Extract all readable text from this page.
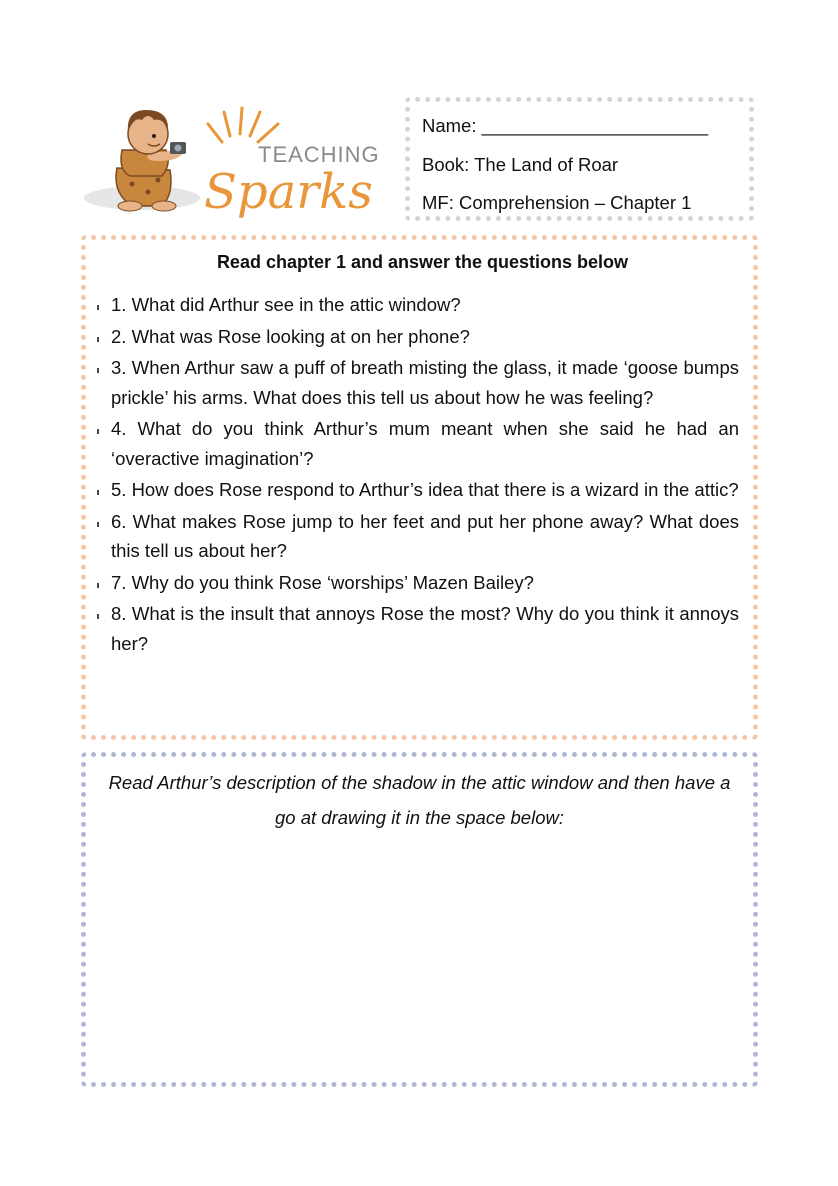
TEACHING
Sparks
Name: ______________________
Book: The Land of Roar
MF: Comprehension – Chapter 1
Read chapter 1 and answer the questions below
1. What did Arthur see in the attic window?
2. What was Rose looking at on her phone?
3. When Arthur saw a puff of breath misting the glass, it made ‘goose bumps prickle’ his arms. What does this tell us about how he was feeling?
4. What do you think Arthur’s mum meant when she said he had an ‘overactive imagination’?
5. How does Rose respond to Arthur’s idea that there is a wizard in the attic?
6. What makes Rose jump to her feet and put her phone away? What does this tell us about her?
7. Why do you think Rose ‘worships’ Mazen Bailey?
8. What is the insult that annoys Rose the most? Why do you think it annoys her?

Read Arthur’s description of the shadow in the attic window and then have a go at drawing it in the space below:
